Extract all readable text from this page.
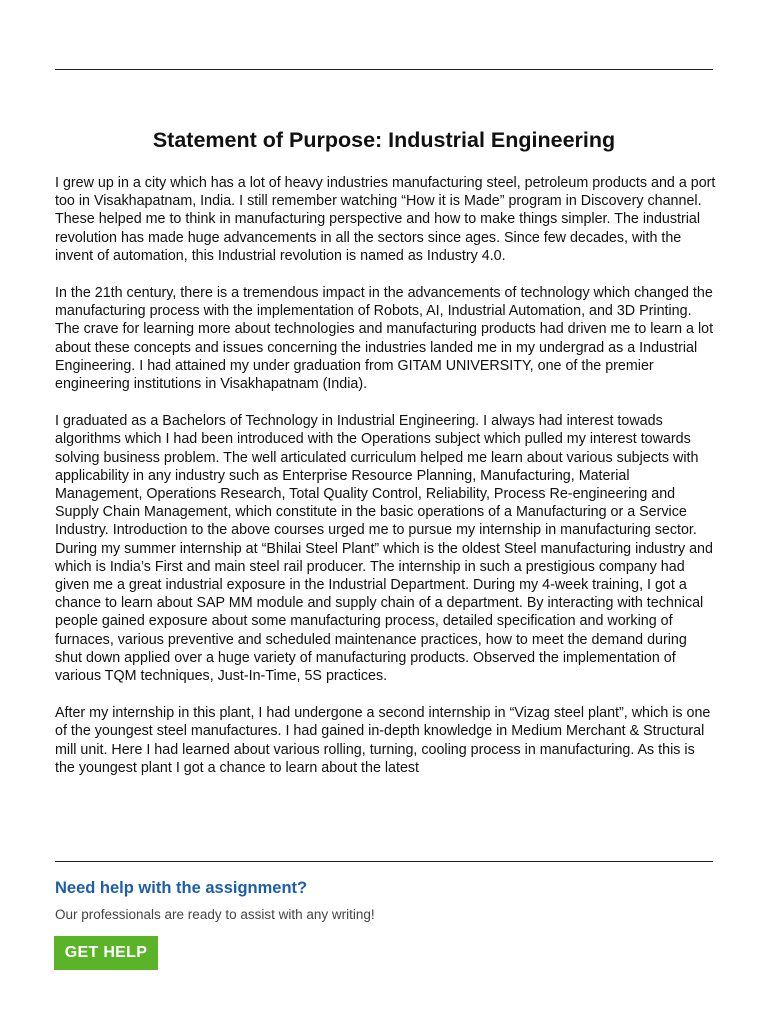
Statement of Purpose: Industrial Engineering

I grew up in a city which has a lot of heavy industries manufacturing steel, petroleum products and a port too in Visakhapatnam, India. I still remember watching “How it is Made” program in Discovery channel. These helped me to think in manufacturing perspective and how to make things simpler. The industrial revolution has made huge advancements in all the sectors since ages. Since few decades, with the invent of automation, this Industrial revolution is named as Industry 4.0.

In the 21th century, there is a tremendous impact in the advancements of technology which changed the manufacturing process with the implementation of Robots, AI, Industrial Automation, and 3D Printing. The crave for learning more about technologies and manufacturing products had driven me to learn a lot about these concepts and issues concerning the industries landed me in my undergrad as a Industrial Engineering. I had attained my under graduation from GITAM UNIVERSITY, one of the premier engineering institutions in Visakhapatnam (India).

I graduated as a Bachelors of Technology in Industrial Engineering. I always had interest towads algorithms which I had been introduced with the Operations subject which pulled my interest towards solving business problem. The well articulated curriculum helped me learn about various subjects with applicability in any industry such as Enterprise Resource Planning, Manufacturing, Material Management, Operations Research, Total Quality Control, Reliability, Process Re-engineering and Supply Chain Management, which constitute in the basic operations of a Manufacturing or a Service Industry. Introduction to the above courses urged me to pursue my internship in manufacturing sector. During my summer internship at “Bhilai Steel Plant” which is the oldest Steel manufacturing industry and which is India’s First and main steel rail producer. The internship in such a prestigious company had given me a great industrial exposure in the Industrial Department. During my 4-week training, I got a chance to learn about SAP MM module and supply chain of a department. By interacting with technical people gained exposure about some manufacturing process, detailed specification and working of furnaces, various preventive and scheduled maintenance practices, how to meet the demand during shut down applied over a huge variety of manufacturing products. Observed the implementation of various TQM techniques, Just-In-Time, 5S practices.

After my internship in this plant, I had undergone a second internship in “Vizag steel plant”, which is one of the youngest steel manufactures. I had gained in-depth knowledge in Medium Merchant & Structural mill unit. Here I had learned about various rolling, turning, cooling process in manufacturing. As this is the youngest plant I got a chance to learn about the latest

Need help with the assignment?

Our professionals are ready to assist with any writing!

GET HELP
